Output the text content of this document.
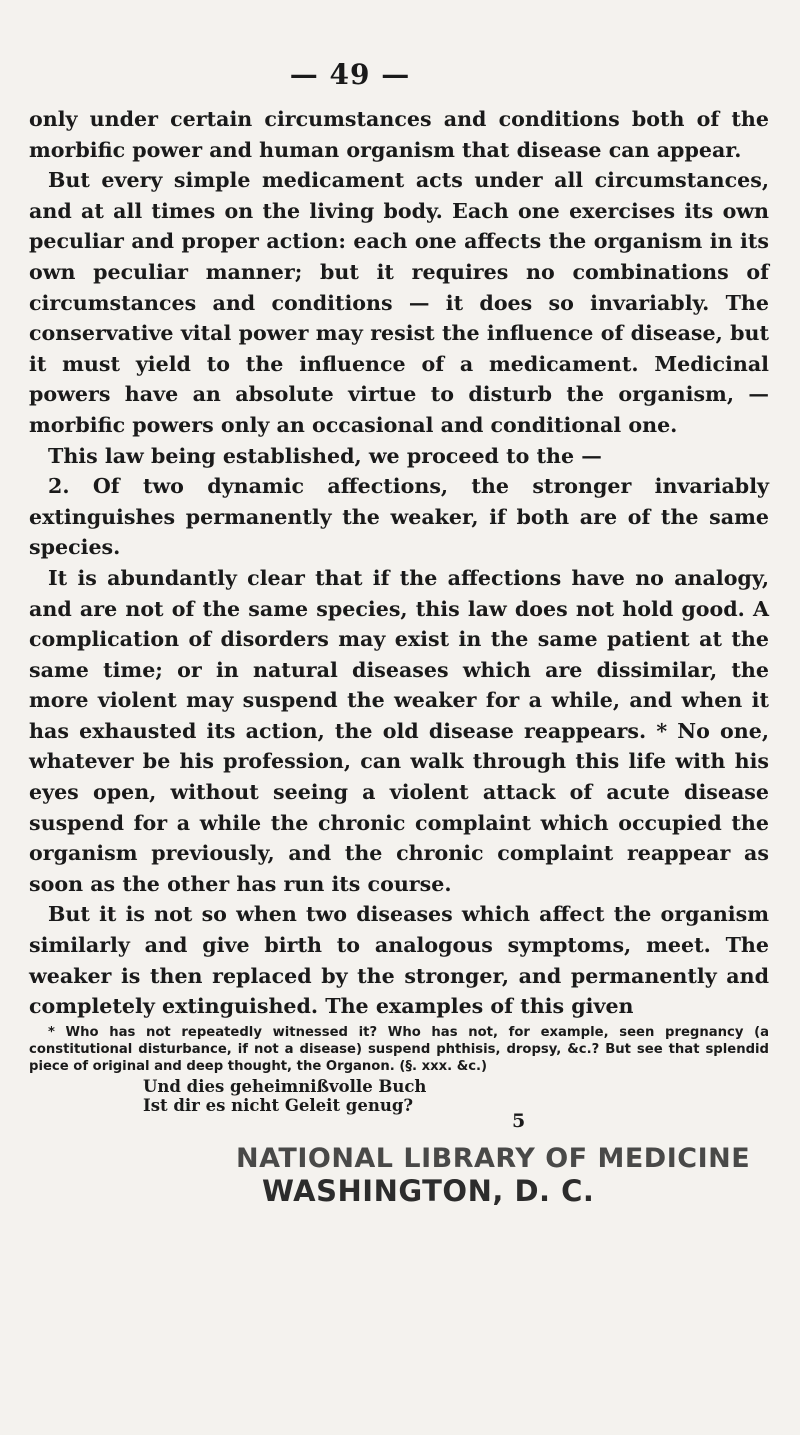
— 49 —

only under certain circumstances and conditions both of the morbific power and human organism that disease can appear.

But every simple medicament acts under all circumstances, and at all times on the living body. Each one exercises its own peculiar and proper action: each one affects the organism in its own peculiar manner; but it requires no combinations of circumstances and conditions — it does so invariably. The conservative vital power may resist the influence of disease, but it must yield to the influence of a medicament. Medicinal powers have an absolute virtue to disturb the organism, — morbific powers only an occasional and conditional one.

This law being established, we proceed to the —

2. Of two dynamic affections, the stronger invariably extinguishes permanently the weaker, if both are of the same species.

It is abundantly clear that if the affections have no analogy, and are not of the same species, this law does not hold good. A complication of disorders may exist in the same patient at the same time; or in natural diseases which are dissimilar, the more violent may suspend the weaker for a while, and when it has exhausted its action, the old disease reappears. * No one, whatever be his profession, can walk through this life with his eyes open, without seeing a violent attack of acute disease suspend for a while the chronic complaint which occupied the organism previously, and the chronic complaint reappear as soon as the other has run its course.

But it is not so when two diseases which affect the organism similarly and give birth to analogous symptoms, meet. The weaker is then replaced by the stronger, and permanently and completely extinguished. The examples of this given

* Who has not repeatedly witnessed it? Who has not, for example, seen pregnancy (a constitutional disturbance, if not a disease) suspend phthisis, dropsy, &c.? But see that splendid piece of original and deep thought, the Organon. (§. xxx. &c.)

Und dies geheimnißvolle Buch
Ist dir es nicht Geleit genug?
5
NATIONAL LIBRARY OF MEDICINE
WASHINGTON, D. C.
